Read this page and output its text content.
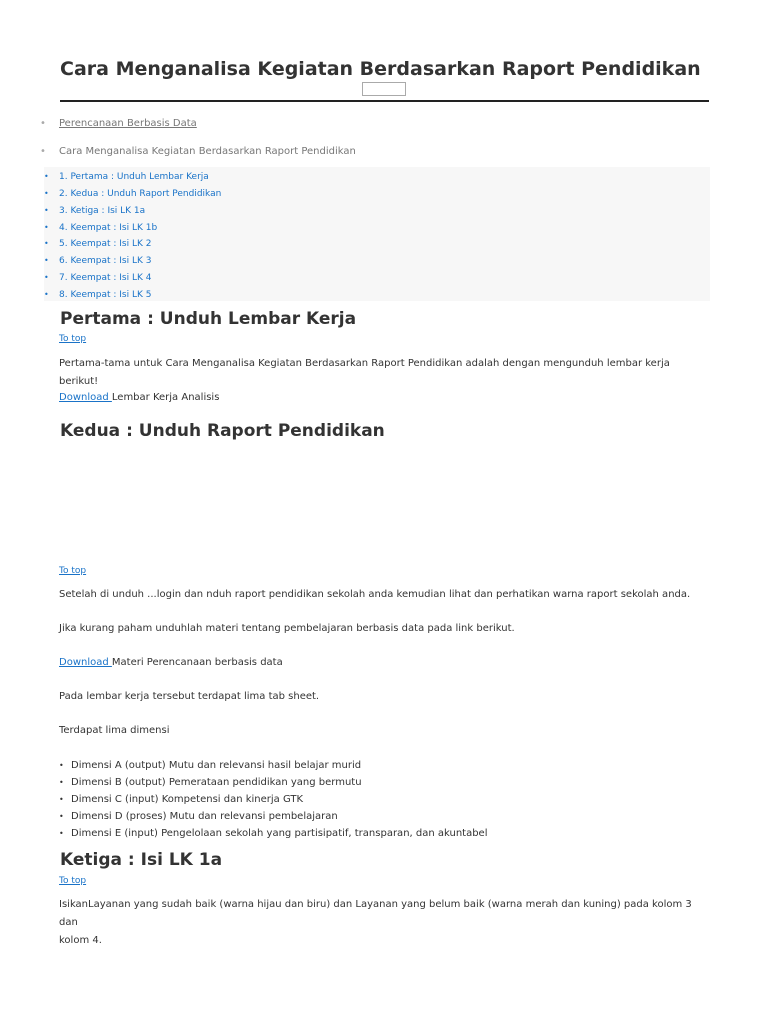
Cara Menganalisa Kegiatan Berdasarkan Raport Pendidikan
• Perencanaan Berbasis Data
• Cara Menganalisa Kegiatan Berdasarkan Raport Pendidikan
• 1. Pertama : Unduh Lembar Kerja
• 2. Kedua : Unduh Raport Pendidikan
• 3. Ketiga : Isi LK 1a
• 4. Keempat : Isi LK 1b
• 5. Keempat : Isi LK 2
• 6. Keempat : Isi LK 3
• 7. Keempat : Isi LK 4
• 8. Keempat : Isi LK 5
Pertama : Unduh Lembar Kerja
To top
Pertama-tama untuk Cara Menganalisa Kegiatan Berdasarkan Raport Pendidikan adalah dengan mengunduh lembar kerja berikut!
Download Lembar Kerja Analisis
Kedua : Unduh Raport Pendidikan
To top
Setelah di unduh ...login dan nduh raport pendidikan sekolah anda kemudian lihat dan perhatikan warna raport sekolah anda.
Jika kurang paham unduhlah materi tentang pembelajaran berbasis data pada link berikut.
Download Materi Perencanaan berbasis data
Pada lembar kerja tersebut terdapat lima tab sheet.
Terdapat lima dimensi
• Dimensi A (output) Mutu dan relevansi hasil belajar murid
• Dimensi B (output) Pemerataan pendidikan yang bermutu
• Dimensi C (input) Kompetensi dan kinerja GTK
• Dimensi D (proses) Mutu dan relevansi pembelajaran
• Dimensi E (input) Pengelolaan sekolah yang partisipatif, transparan, dan akuntabel
Ketiga : Isi LK 1a
To top
IsikanLayanan yang sudah baik (warna hijau dan biru) dan Layanan yang belum baik (warna merah dan kuning) pada kolom 3 dan
kolom 4.
